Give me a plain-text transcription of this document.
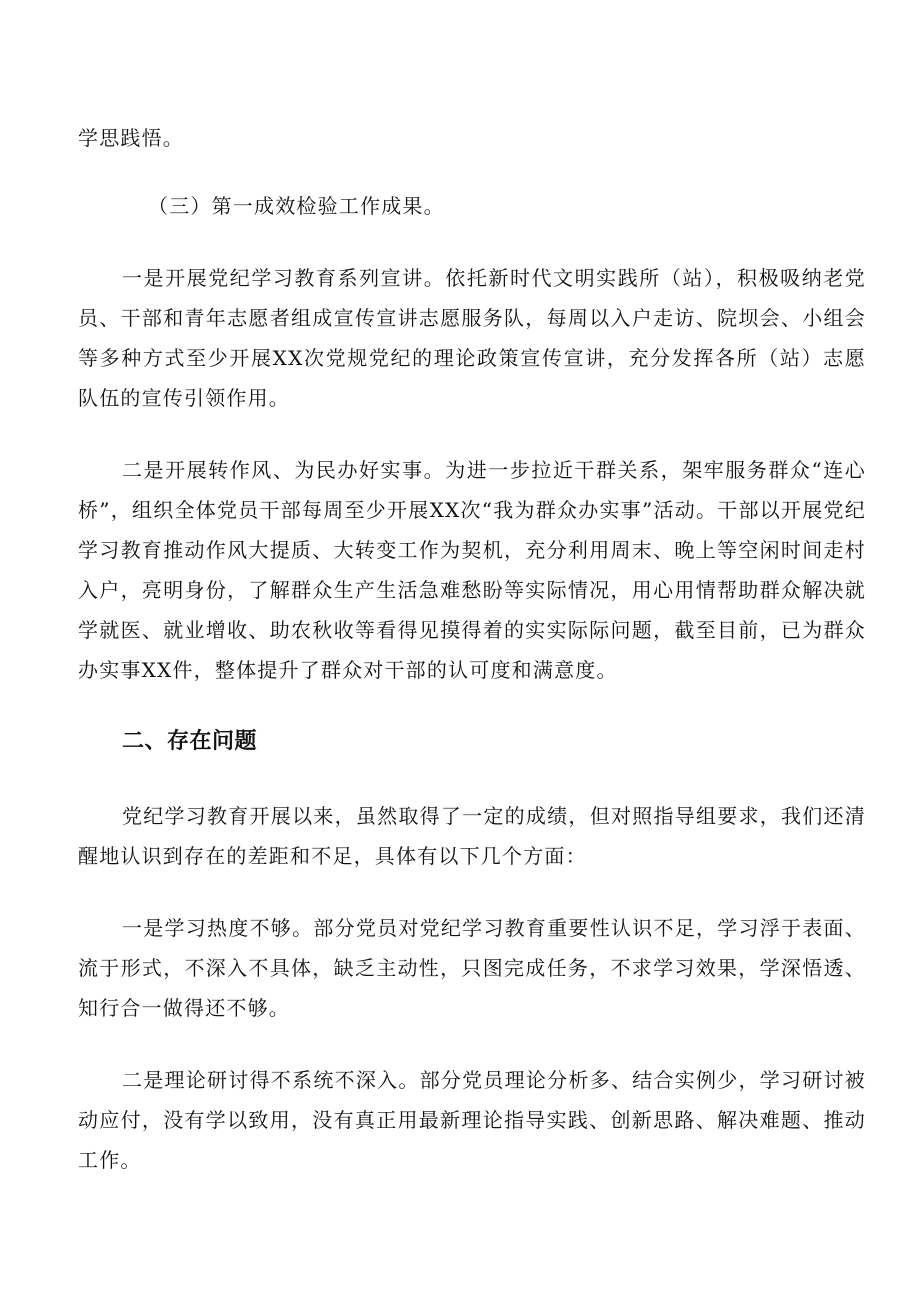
学思践悟。

（三）第一成效检验工作成果。

一是开展党纪学习教育系列宣讲。依托新时代文明实践所（站），积极吸纳老党员、干部和青年志愿者组成宣传宣讲志愿服务队，每周以入户走访、院坝会、小组会等多种方式至少开展XX次党规党纪的理论政策宣传宣讲，充分发挥各所（站）志愿队伍的宣传引领作用。

二是开展转作风、为民办好实事。为进一步拉近干群关系，架牢服务群众“连心桥”，组织全体党员干部每周至少开展XX次“我为群众办实事”活动。干部以开展党纪学习教育推动作风大提质、大转变工作为契机，充分利用周末、晚上等空闲时间走村入户，亮明身份，了解群众生产生活急难愁盼等实际情况，用心用情帮助群众解决就学就医、就业增收、助农秋收等看得见摸得着的实实际际问题，截至目前，已为群众办实事XX件，整体提升了群众对干部的认可度和满意度。

二、存在问题

党纪学习教育开展以来，虽然取得了一定的成绩，但对照指导组要求，我们还清醒地认识到存在的差距和不足，具体有以下几个方面：

一是学习热度不够。部分党员对党纪学习教育重要性认识不足，学习浮于表面、流于形式，不深入不具体，缺乏主动性，只图完成任务，不求学习效果，学深悟透、知行合一做得还不够。

二是理论研讨得不系统不深入。部分党员理论分析多、结合实例少，学习研讨被动应付，没有学以致用，没有真正用最新理论指导实践、创新思路、解决难题、推动工作。
